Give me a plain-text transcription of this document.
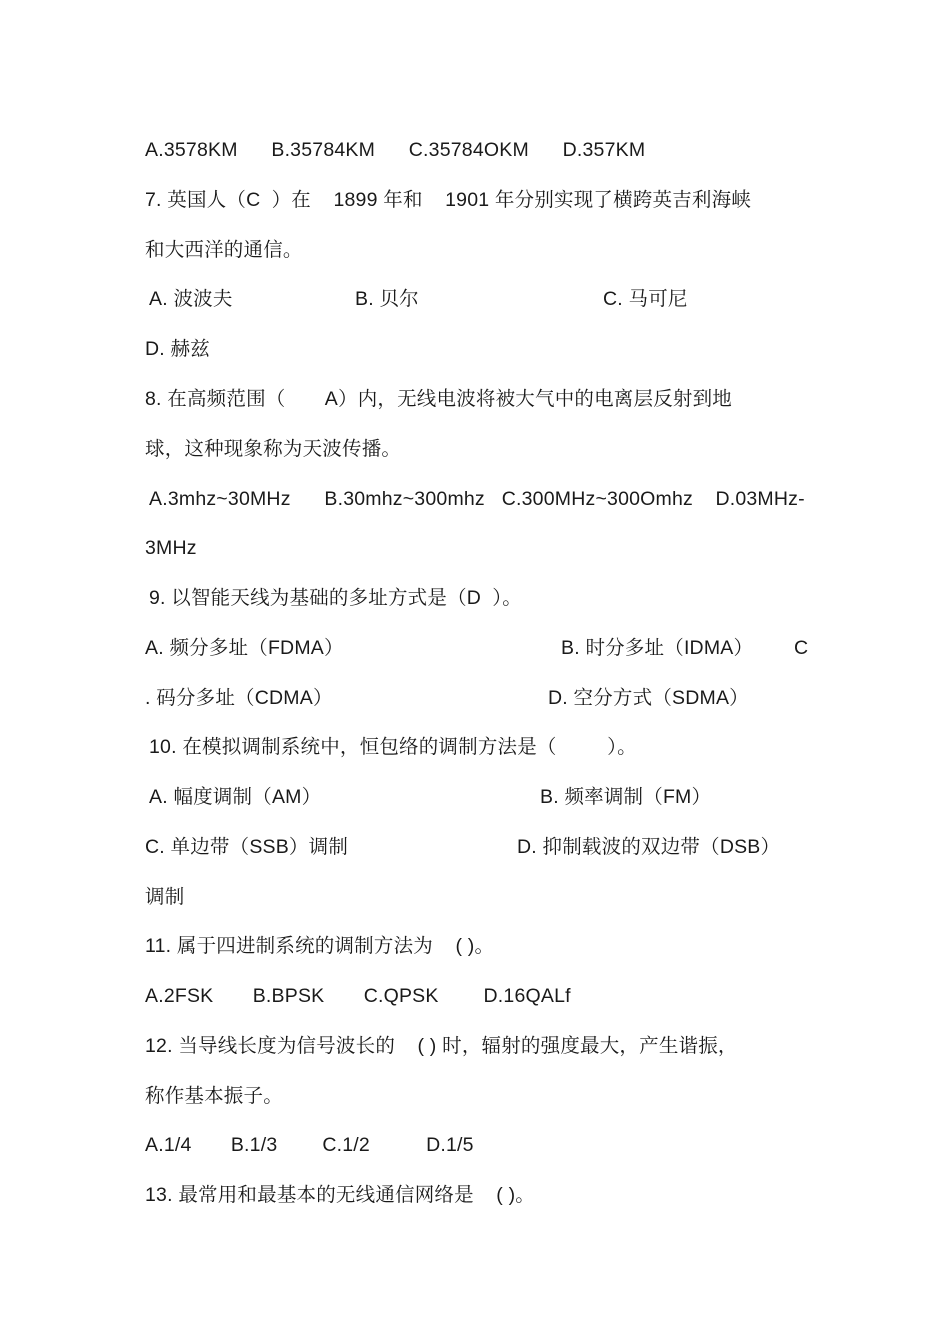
A.3578KM      B.35784KM      C.35784OKM      D.357KM
7. 英国人（C  ）在    1899 年和    1901 年分别实现了横跨英吉利海峡
和大西洋的通信。
A. 波波夫	B. 贝尔	C. 马可尼
D. 赫兹
8. 在高频范围（       A）内，无线电波将被大气中的电离层反射到地
球，这种现象称为天波传播。
A.3mhz~30MHz      B.30mhz~300mhz   C.300MHz~300Omhz    D.03MHz-
3MHz
9. 以智能天线为基础的多址方式是（D  ）。
A. 频分多址（FDMA）	B. 时分多址（IDMA） C
. 码分多址（CDMA）	D. 空分方式（SDMA）
10. 在模拟调制系统中，恒包络的调制方法是（         ）。
A. 幅度调制（AM）	B. 频率调制（FM）
C. 单边带（SSB）调制	D. 抑制载波的双边带（DSB）
调制
11. 属于四进制系统的调制方法为    ( )。
A.2FSK       B.BPSK       C.QPSK        D.16QALf
12. 当导线长度为信号波长的    ( ) 时，辐射的强度最大，产生谐振，
称作基本振子。
A.1/4       B.1/3        C.1/2          D.1/5
13. 最常用和最基本的无线通信网络是    ( )。
